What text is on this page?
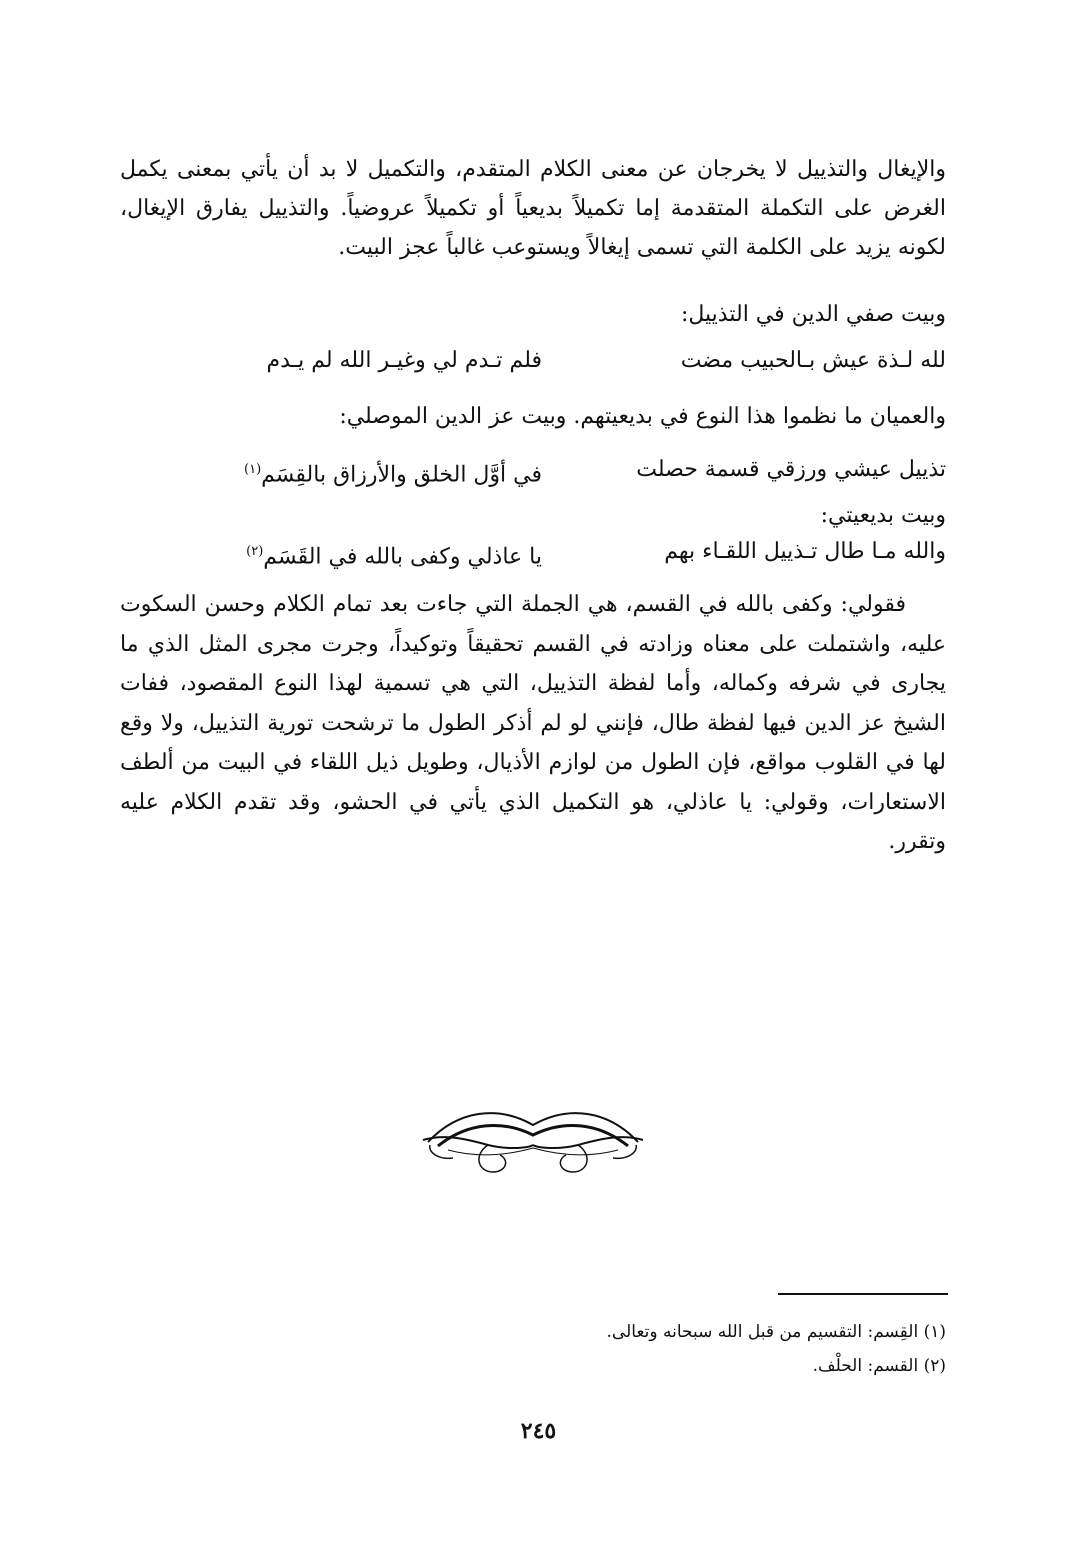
والإيغال والتذييل لا يخرجان عن معنى الكلام المتقدم، والتكميل لا بد أن يأتي بمعنى يكمل الغرض على التكملة المتقدمة إما تكميلاً بديعياً أو تكميلاً عروضياً. والتذييل يفارق الإيغال، لكونه يزيد على الكلمة التي تسمى إيغالاً ويستوعب غالباً عجز البيت.
وبيت صفي الدين في التذييل:
لله لـذة عيش بـالحبيب مضت
فلم تـدم لي وغيـر الله لم يـدم
والعميان ما نظموا هذا النوع في بديعيتهم. وبيت عز الدين الموصلي:
تذييل عيشي ورزقي قسمة حصلت
في أوَّل الخلق والأرزاق بالقِسَم$^{(١)}$
وبيت بديعيتي:
والله مـا طال تـذييل اللقـاء بهم
يا عاذلي وكفى بالله في القَسَم$^{(٢)}$
فقولي: وكفى بالله في القسم، هي الجملة التي جاءت بعد تمام الكلام وحسن السكوت عليه، واشتملت على معناه وزادته في القسم تحقيقاً وتوكيداً، وجرت مجرى المثل الذي ما يجارى في شرفه وكماله، وأما لفظة التذييل، التي هي تسمية لهذا النوع المقصود، ففات الشيخ عز الدين فيها لفظة طال، فإنني لو لم أذكر الطول ما ترشحت تورية التذييل، ولا وقع لها في القلوب مواقع، فإن الطول من لوازم الأذيال، وطويل ذيل اللقاء في البيت من ألطف الاستعارات، وقولي: يا عاذلي، هو التكميل الذي يأتي في الحشو، وقد تقدم الكلام عليه وتقرر.
(١) القِسم: التقسيم من قبل الله سبحانه وتعالى.
(٢) القسم: الحلْف.
٢٤٥
